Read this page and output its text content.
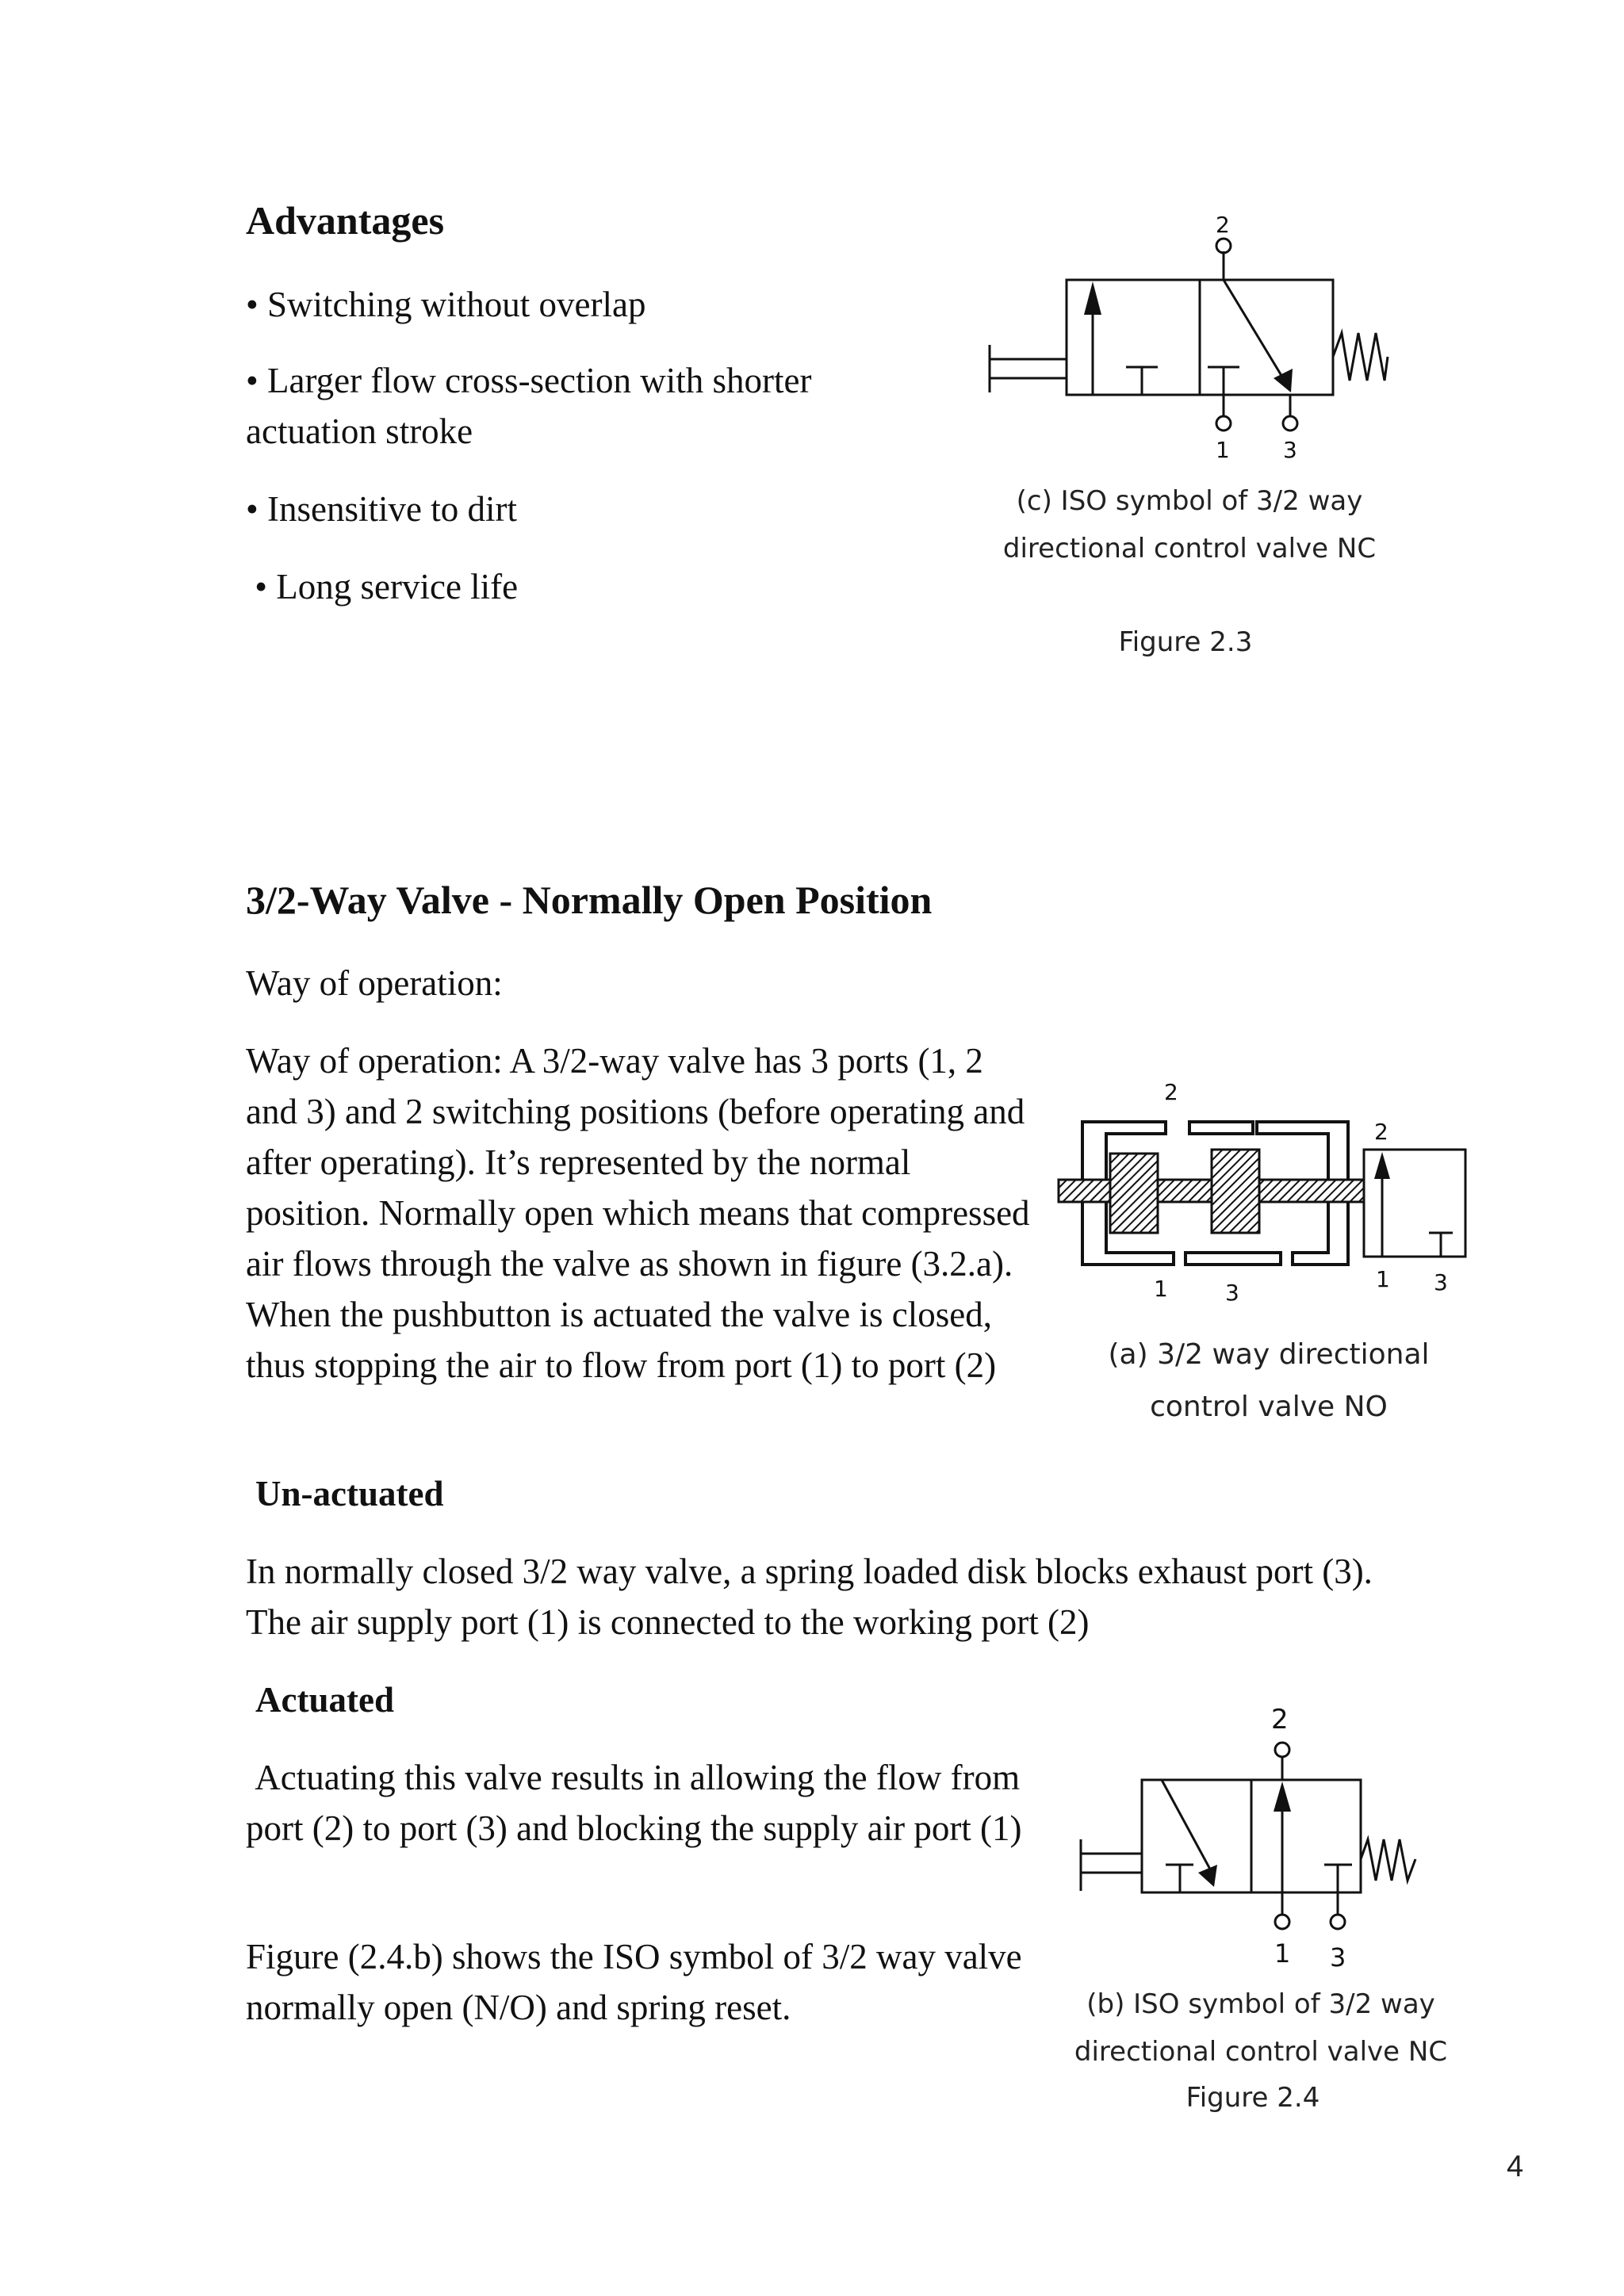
Advantages

• Switching without overlap

• Larger flow cross-section with shorter actuation stroke

• Insensitive to dirt

• Long service life

2
1 3
(c) ISO symbol of 3/2 way
directional control valve NC
Figure 2.3
3/2-Way Valve - Normally Open Position

Way of operation:

Way of operation: A 3/2-way valve has 3 ports (1, 2 and 3) and 2 switching positions (before operating and after operating). It’s represented by the normal position. Normally open which means that compressed air flows through the valve as shown in figure (3.2.a). When the pushbutton is actuated the valve is closed, thus stopping the air to flow from port (1) to port (2)

2
1	3
2
1 3
(a) 3/2 way directional
control valve NO
Un-actuated

In normally closed 3/2 way valve, a spring loaded disk blocks exhaust port (3). The air supply port (1) is connected to the working port (2)

Actuated

Actuating this valve results in allowing the flow from port (2) to port (3) and blocking the supply air port (1)

Figure (2.4.b) shows the ISO symbol of 3/2 way valve normally open (N/O) and spring reset.

2
1 3
(b) ISO symbol of 3/2 way
directional control valve NC
Figure 2.4
4
